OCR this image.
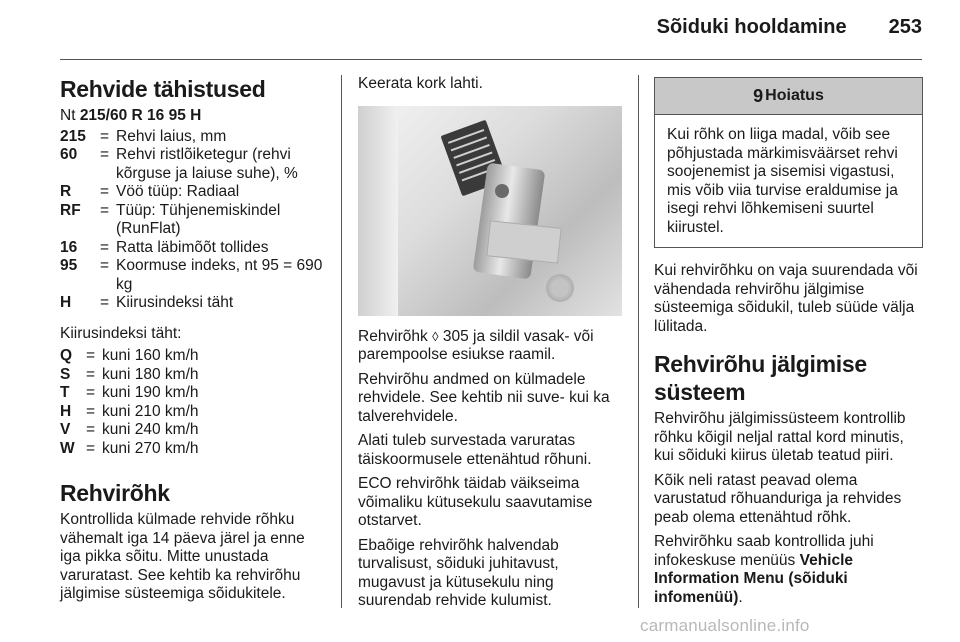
Sõiduki hooldamine 253
Rehvide tähistused
Nt 215/60 R 16 95 H
215 = Rehvi laius, mm
60	= Rehvi ristlõiketegur (rehvi kõrguse ja laiuse suhe), %
R	= Vöö tüüp: Radiaal
RF	= Tüüp: Tühjenemiskindel (RunFlat)
16	= Ratta läbimõõt tollides
95	= Koormuse indeks, nt 95 = 690 kg
H	= Kiirusindeksi täht

Kiirusindeksi täht:

Q = kuni 160 km/h
S	= kuni 180 km/h
T	= kuni 190 km/h
H = kuni 210 km/h
V	= kuni 240 km/h
W = kuni 270 km/h
Rehvirõhk

Kontrollida külmade rehvide rõhku vähemalt iga 14 päeva järel ja enne iga pikka sõitu. Mitte unustada varuratast. See kehtib ka rehvirõhu jälgimise süsteemiga sõidukitele.

Keerata kork lahti.

Rehvirõhk ◊ 305 ja sildil vasak- või parempoolse esiukse raamil.

Rehvirõhu andmed on külmadele rehvidele. See kehtib nii suve- kui ka talverehvidele.

Alati tuleb survestada varuratas täiskoormusele ettenähtud rõhuni.

ECO rehvirõhk täidab väikseima võimaliku kütusekulu saavutamise otstarvet.

Ebaõige rehvirõhk halvendab turvalisust, sõiduki juhitavust, mugavust ja kütusekulu ning suurendab rehvide kulumist.

9 Hoiatus
Kui rõhk on liiga madal, võib see põhjustada märkimisväärset rehvi soojenemist ja sisemisi vigastusi, mis võib viia turvise eraldumise ja isegi rehvi lõhkemiseni suurtel kiirustel.

Kui rehvirõhku on vaja suurendada või vähendada rehvirõhu jälgimise süsteemiga sõidukil, tuleb süüde välja lülitada.

Rehvirõhu jälgimise süsteem

Rehvirõhu jälgimissüsteem kontrollib rõhku kõigil neljal rattal kord minutis, kui sõiduki kiirus ületab teatud piiri.

Kõik neli ratast peavad olema varustatud rõhuanduriga ja rehvides peab olema ettenähtud rõhk.

Rehvirõhku saab kontrollida juhi infokeskuse menüüs Vehicle Information Menu (sõiduki infomenüü).

carmanualsonline.info
